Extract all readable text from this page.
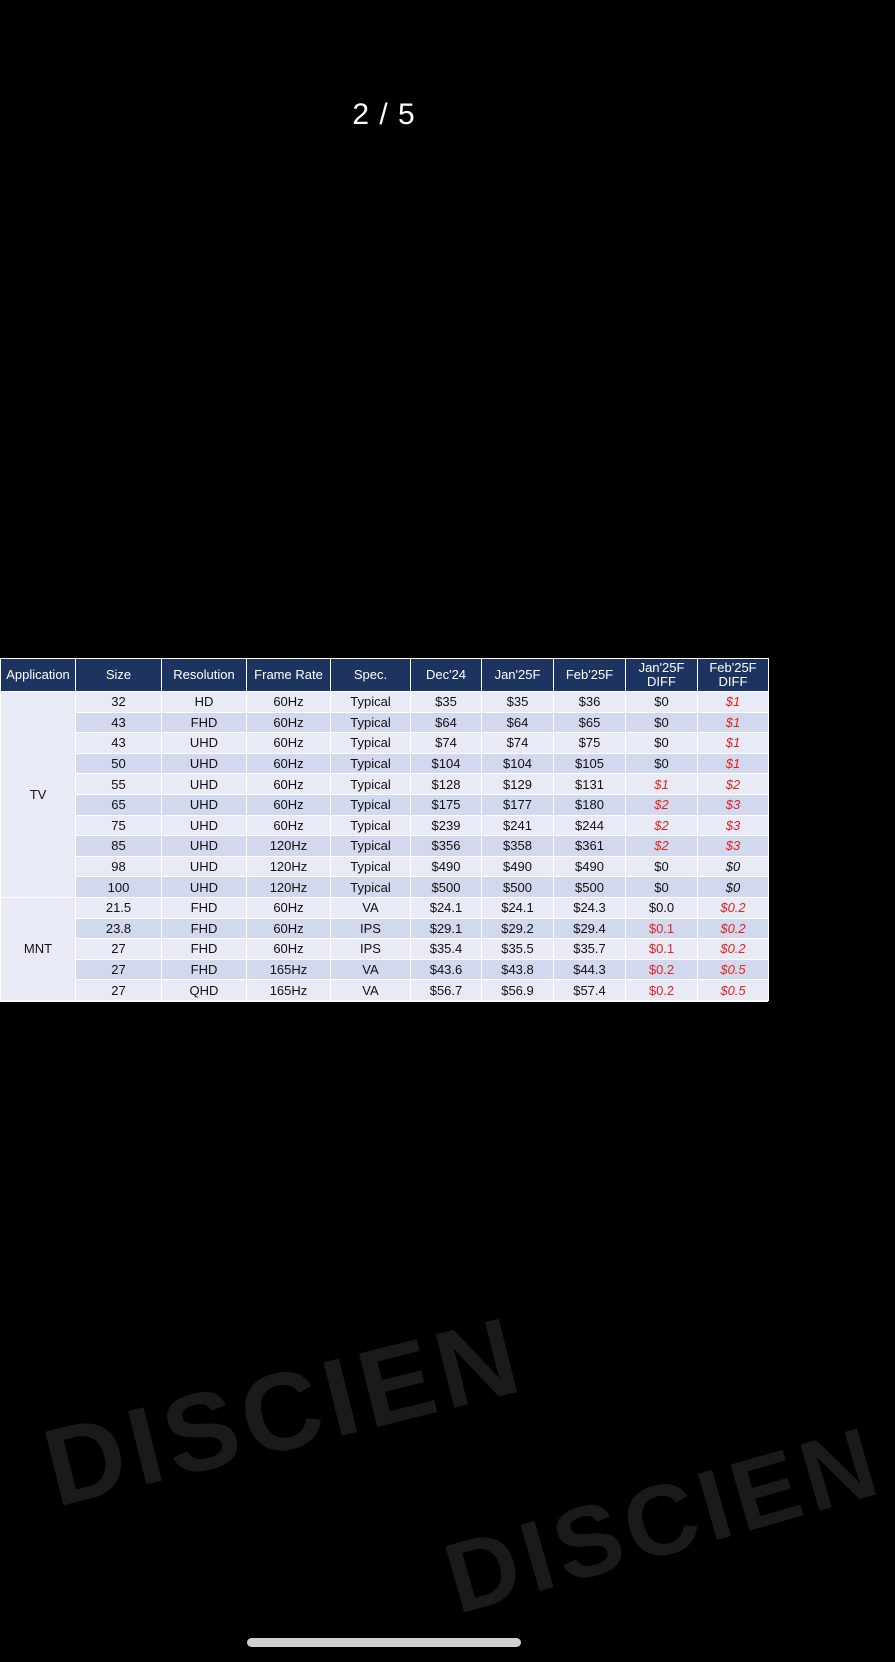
2 / 5
Application	Size	Resolution	Frame Rate	Spec.	Dec'24	Jan'25F	Feb'25F	Jan'25F DIFF	Feb'25F DIFF
TV	32	HD	60Hz	Typical	$35	$35	$36	$0	$1
	43	FHD	60Hz	Typical	$64	$64	$65	$0	$1
	43	UHD	60Hz	Typical	$74	$74	$75	$0	$1
	50	UHD	60Hz	Typical	$104	$104	$105	$0	$1
	55	UHD	60Hz	Typical	$128	$129	$131	$1	$2
	65	UHD	60Hz	Typical	$175	$177	$180	$2	$3
	75	UHD	60Hz	Typical	$239	$241	$244	$2	$3
	85	UHD	120Hz	Typical	$356	$358	$361	$2	$3
	98	UHD	120Hz	Typical	$490	$490	$490	$0	$0
	100	UHD	120Hz	Typical	$500	$500	$500	$0	$0
MNT	21.5	FHD	60Hz	VA	$24.1	$24.1	$24.3	$0.0	$0.2
	23.8	FHD	60Hz	IPS	$29.1	$29.2	$29.4	$0.1	$0.2
	27	FHD	60Hz	IPS	$35.4	$35.5	$35.7	$0.1	$0.2
	27	FHD	165Hz	VA	$43.6	$43.8	$44.3	$0.2	$0.5
	27	QHD	165Hz	VA	$56.7	$56.9	$57.4	$0.2	$0.5
DISCIEN
DISCIEN
